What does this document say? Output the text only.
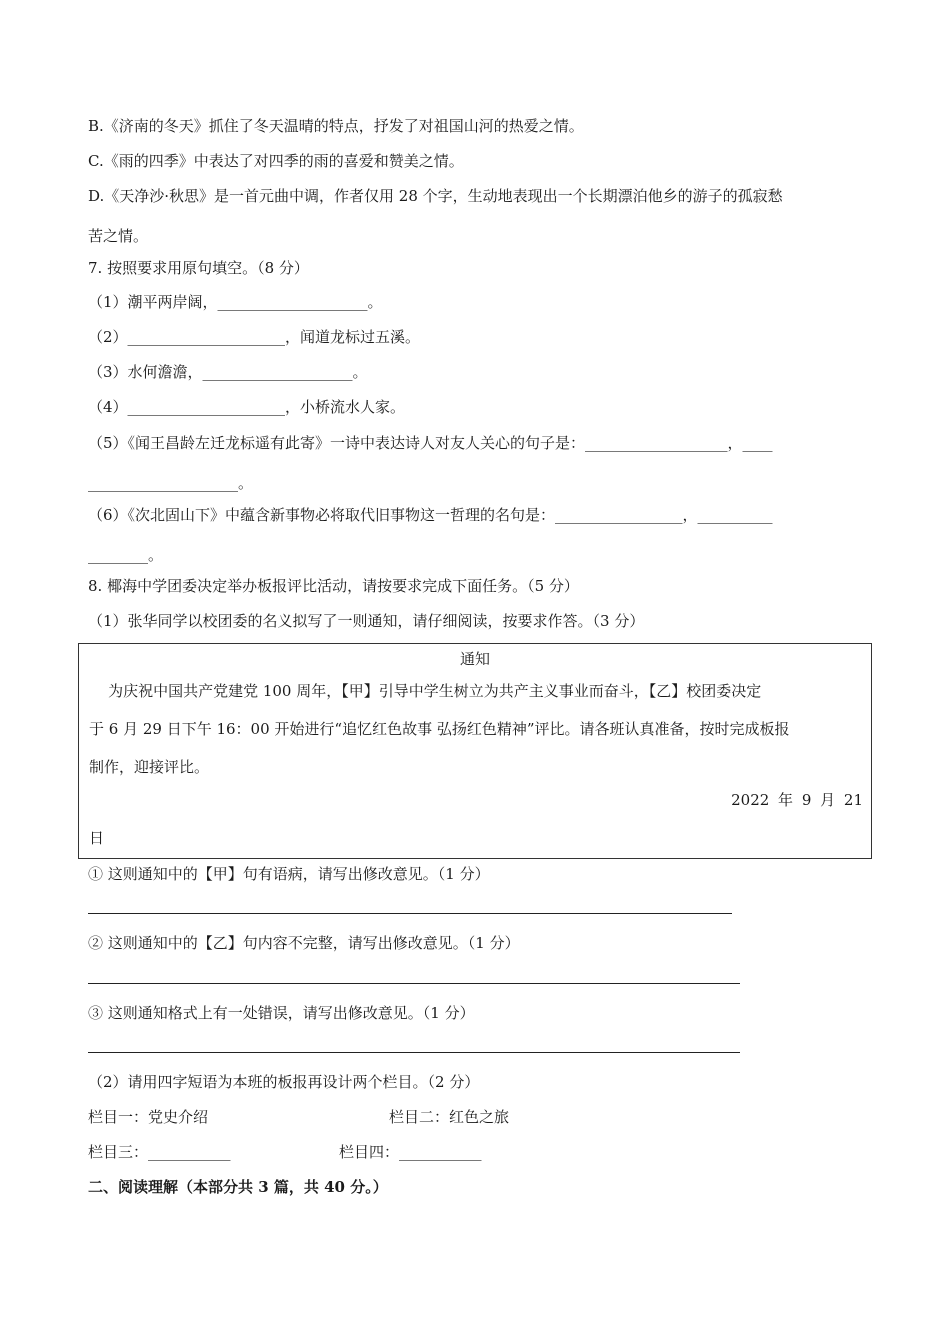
B.《济南的冬天》抓住了冬天温晴的特点，抒发了对祖国山河的热爱之情。
C.《雨的四季》中表达了对四季的雨的喜爱和赞美之情。
D.《天净沙·秋思》是一首元曲中调，作者仅用 28 个字，生动地表现出一个长期漂泊他乡的游子的孤寂愁
苦之情。
7. 按照要求用原句填空。（8 分）
（1）潮平两岸阔，____________________。
（2）_____________________，闻道龙标过五溪。
（3）水何澹澹，____________________。
（4）_____________________，小桥流水人家。
（5）《闻王昌龄左迁龙标遥有此寄》一诗中表达诗人对友人关心的句子是：___________________，____
____________________。
（6）《次北固山下》中蕴含新事物必将取代旧事物这一哲理的名句是：_________________，__________
________。
8. 椰海中学团委决定举办板报评比活动，请按要求完成下面任务。（5 分）
（1）张华同学以校团委的名义拟写了一则通知，请仔细阅读，按要求作答。（3 分）
通知
为庆祝中国共产党建党 100 周年，【甲】引导中学生树立为共产主义事业而奋斗，【乙】校团委决定
于 6 月 29 日下午 16：00 开始进行“追忆红色故事 弘扬红色精神”评比。请各班认真准备，按时完成板报
制作，迎接评比。
2022 年 9 月 21
日
① 这则通知中的【甲】句有语病，请写出修改意见。（1 分）
② 这则通知中的【乙】句内容不完整，请写出修改意见。（1 分）
③ 这则通知格式上有一处错误，请写出修改意见。（1 分）
（2）请用四字短语为本班的板报再设计两个栏目。（2 分）
栏目一：党史介绍	栏目二：红色之旅
栏目三：___________	栏目四：___________
二、阅读理解（本部分共 3 篇，共 40 分。）
